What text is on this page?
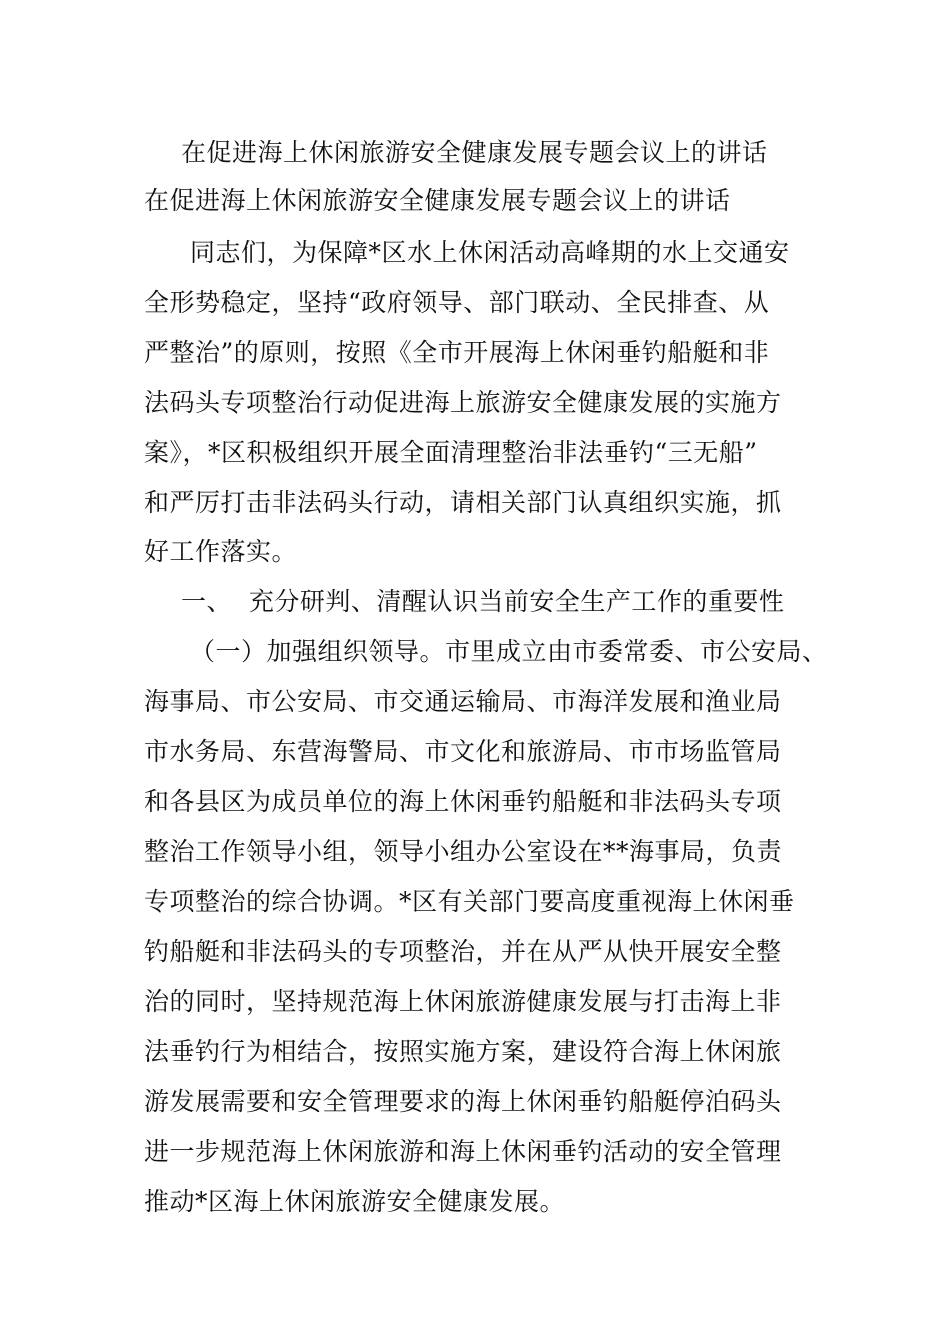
在促进海上休闲旅游安全健康发展专题会议上的讲话
在促进海上休闲旅游安全健康发展专题会议上的讲话
同志们，为保障*区水上休闲活动高峰期的水上交通安
全形势稳定，坚持“政府领导、部门联动、全民排查、从
严整治”的原则，按照《全市开展海上休闲垂钓船艇和非
法码头专项整治行动促进海上旅游安全健康发展的实施方
案》，*区积极组织开展全面清理整治非法垂钓“三无船”
和严厉打击非法码头行动，请相关部门认真组织实施，抓
好工作落实。
一、  充分研判、清醒认识当前安全生产工作的重要性
（一）加强组织领导。市里成立由市委常委、市公安局、
海事局、市公安局、市交通运输局、市海洋发展和渔业局
市水务局、东营海警局、市文化和旅游局、市市场监管局
和各县区为成员单位的海上休闲垂钓船艇和非法码头专项
整治工作领导小组，领导小组办公室设在**海事局，负责
专项整治的综合协调。*区有关部门要高度重视海上休闲垂
钓船艇和非法码头的专项整治，并在从严从快开展安全整
治的同时，坚持规范海上休闲旅游健康发展与打击海上非
法垂钓行为相结合，按照实施方案，建设符合海上休闲旅
游发展需要和安全管理要求的海上休闲垂钓船艇停泊码头
进一步规范海上休闲旅游和海上休闲垂钓活动的安全管理
推动*区海上休闲旅游安全健康发展。
